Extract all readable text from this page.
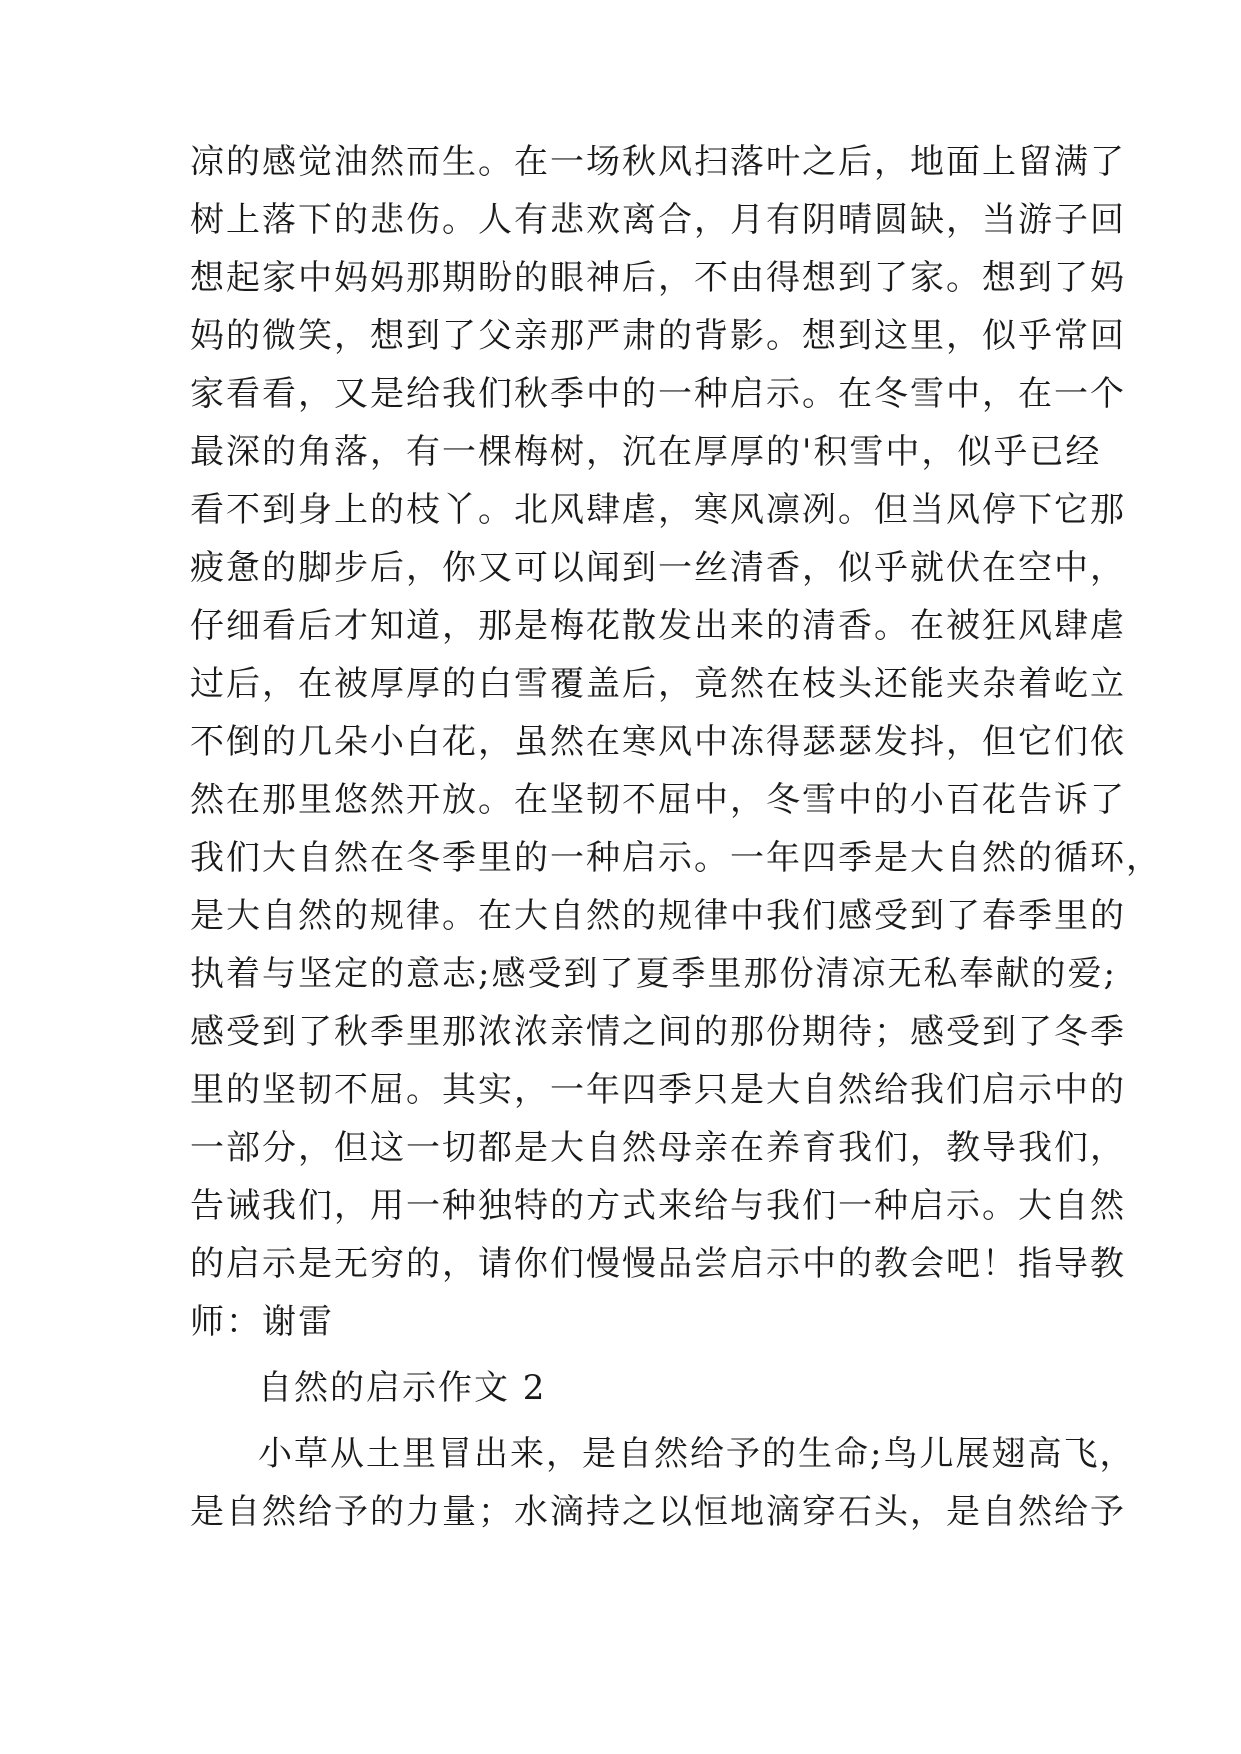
凉的感觉油然而生。在一场秋风扫落叶之后，地面上留满了
树上落下的悲伤。人有悲欢离合，月有阴晴圆缺，当游子回
想起家中妈妈那期盼的眼神后，不由得想到了家。想到了妈
妈的微笑，想到了父亲那严肃的背影。想到这里，似乎常回
家看看，又是给我们秋季中的一种启示。在冬雪中，在一个
最深的角落，有一棵梅树，沉在厚厚的'积雪中，似乎已经
看不到身上的枝丫。北风肆虐，寒风凛冽。但当风停下它那
疲惫的脚步后，你又可以闻到一丝清香，似乎就伏在空中，
仔细看后才知道，那是梅花散发出来的清香。在被狂风肆虐
过后，在被厚厚的白雪覆盖后，竟然在枝头还能夹杂着屹立
不倒的几朵小白花，虽然在寒风中冻得瑟瑟发抖，但它们依
然在那里悠然开放。在坚韧不屈中，冬雪中的小百花告诉了
我们大自然在冬季里的一种启示。一年四季是大自然的循环，
是大自然的规律。在大自然的规律中我们感受到了春季里的
执着与坚定的意志;感受到了夏季里那份清凉无私奉献的爱;
感受到了秋季里那浓浓亲情之间的那份期待；感受到了冬季
里的坚韧不屈。其实，一年四季只是大自然给我们启示中的
一部分，但这一切都是大自然母亲在养育我们，教导我们，
告诫我们，用一种独特的方式来给与我们一种启示。大自然
的启示是无穷的，请你们慢慢品尝启示中的教会吧！指导教
师：谢雷
自然的启示作文 2
小草从土里冒出来，是自然给予的生命;鸟儿展翅高飞，
是自然给予的力量；水滴持之以恒地滴穿石头，是自然给予
